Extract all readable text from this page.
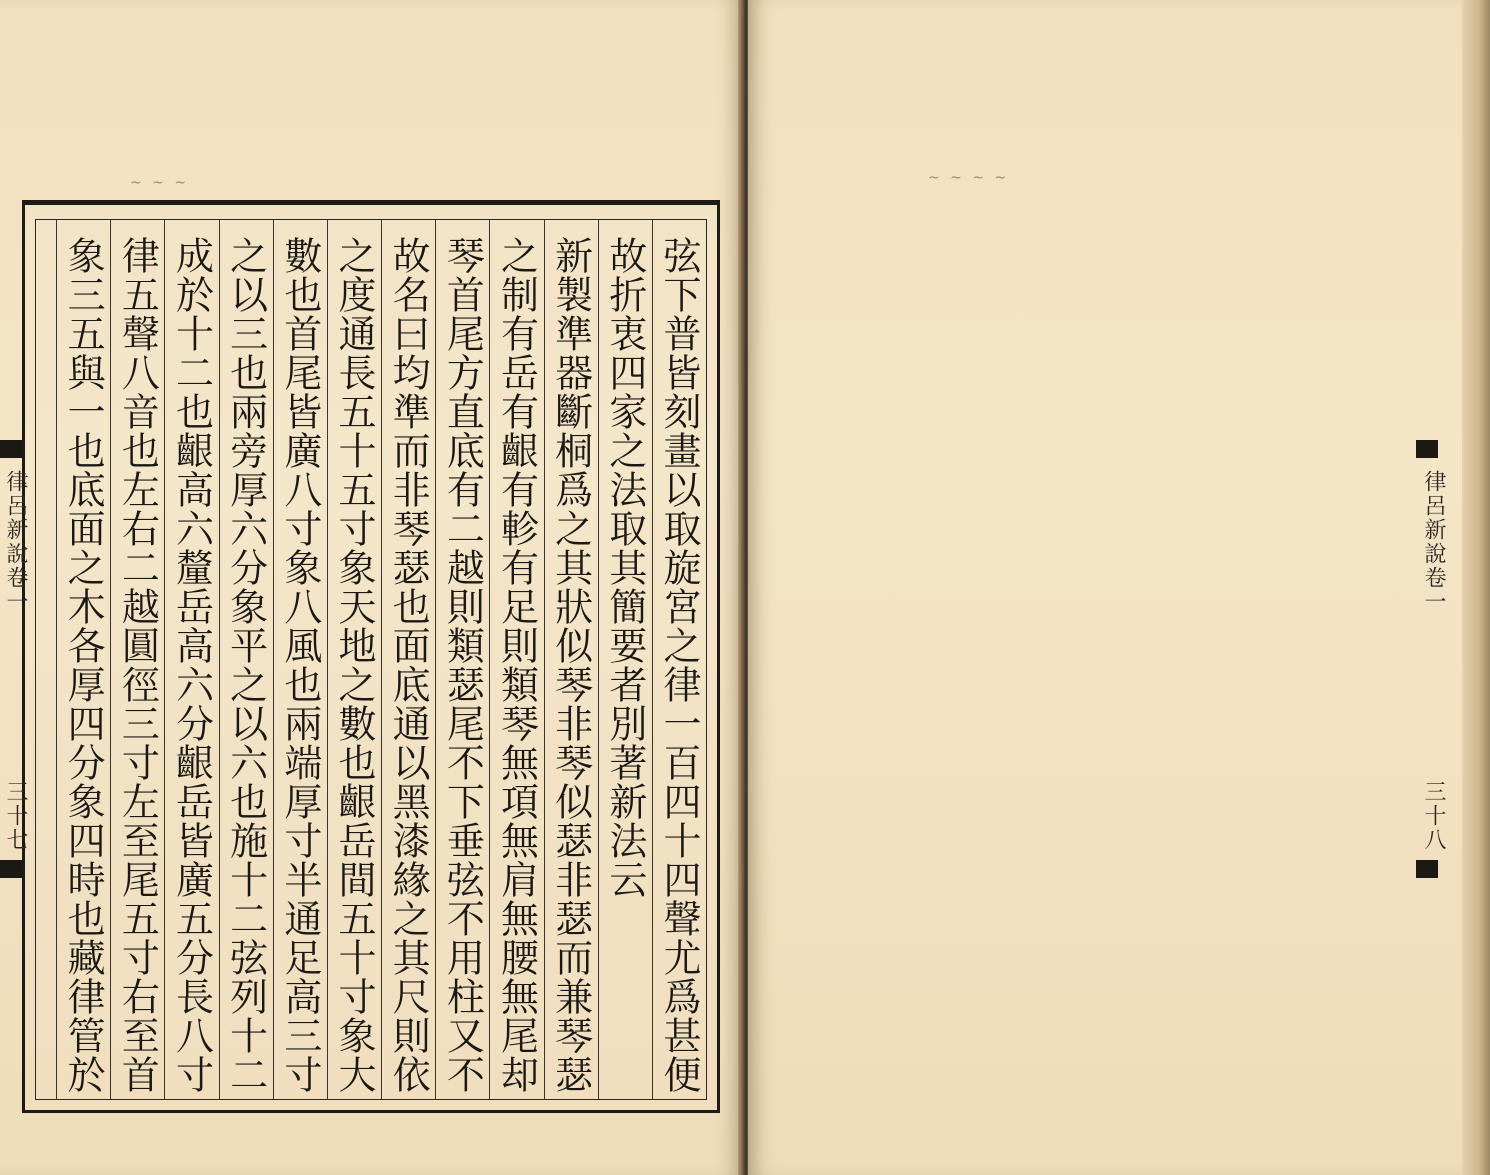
~ ~ ~
弦下普皆刻畫以取旋宮之律一百四十四聲尤爲甚便
故折衷四家之法取其簡要者別著新法云
新製準器斷桐爲之其狀似琴非琴似瑟非瑟而兼琴瑟
之制有岳有齦有軫有足則類琴無項無肩無腰無尾却
琴首尾方直底有二越則類瑟尾不下垂弦不用柱又不
故名曰均準而非琴瑟也面底通以黑漆緣之其尺則依
之度通長五十五寸象天地之數也齦岳間五十寸象大
數也首尾皆廣八寸象八風也兩端厚寸半通足高三寸
之以三也兩旁厚六分象平之以六也施十二弦列十二
成於十二也齦高六釐岳高六分齦岳皆廣五分長八寸
律五聲八音也左右二越圓徑三寸左至尾五寸右至首
象三五與一也底面之木各厚四分象四時也藏律管於
律呂新說卷一
三十七
~ ~ ~ ~
律呂新說卷一
三十八
